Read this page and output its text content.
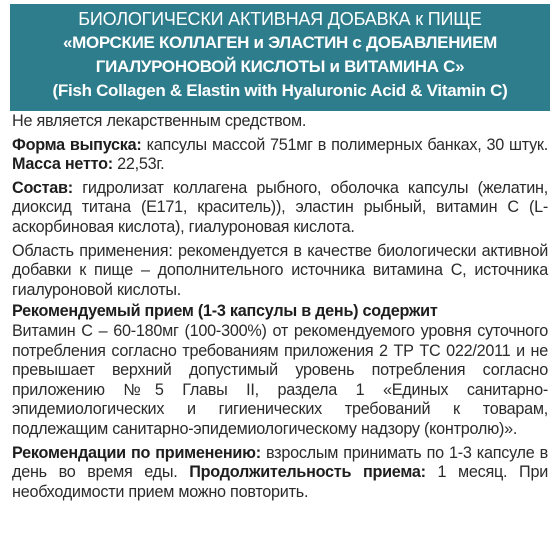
БИОЛОГИЧЕСКИ АКТИВНАЯ ДОБАВКА к ПИЩЕ
«МОРСКИЕ КОЛЛАГЕН и ЭЛАСТИН с ДОБАВЛЕНИЕМ
ГИАЛУРОНОВОЙ КИСЛОТЫ и ВИТАМИНА С»
(Fish Collagen & Elastin with Hyaluronic Acid & Vitamin C)

Не является лекарственным средством.

Форма выпуска: капсулы массой 751мг в полимерных банках, 30 штук. Масса нетто: 22,53г.

Состав: гидролизат коллагена рыбного, оболочка капсулы (желатин, диоксид титана (Е171, краситель)), эластин рыбный, витамин С (L-аскорбиновая кислота), гиалуроновая кислота.

Область применения: рекомендуется в качестве биологически активной добавки к пище – дополнительного источника витамина С, источника гиалуроновой кислоты.

Рекомендуемый прием (1-3 капсулы в день) содержит

Витамин С – 60-180мг (100-300%) от рекомендуемого уровня суточного потребления согласно требованиям приложения 2 ТР ТС 022/2011 и не превышает верхний допустимый уровень потребления согласно приложению №5 Главы II, раздела 1 «Единых санитарно-эпидемиологических и гигиенических требований к товарам, подлежащим санитарно-эпидемиологическому надзору (контролю)».

Рекомендации по применению: взрослым принимать по 1-3 капсуле в день во время еды. Продолжительность приема: 1 месяц. При необходимости прием можно повторить.
